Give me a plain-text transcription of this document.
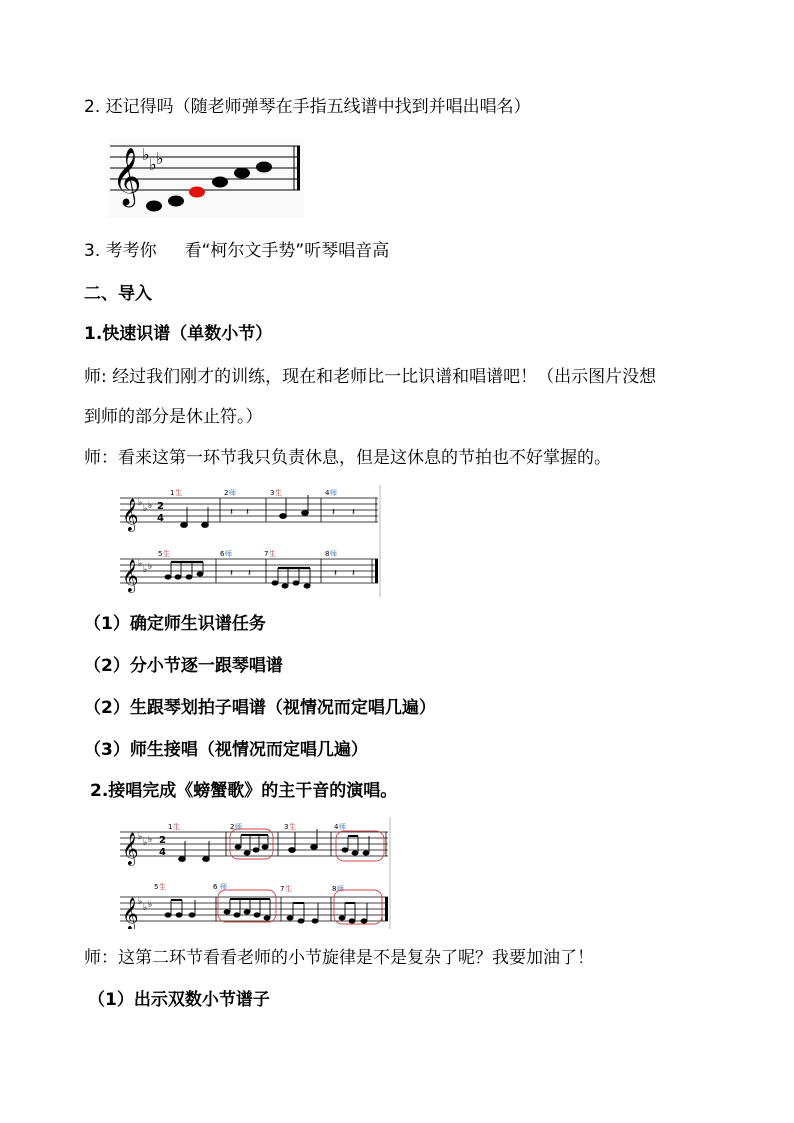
2. 还记得吗（随老师弹琴在手指五线谱中找到并唱出唱名）
𝄞 ♭
♭ ♭
3. 考考你 看“柯尔文手势”听琴唱音高
二、导入
1.快速识谱（单数小节）
师: 经过我们刚才的训练，现在和老师比一比识谱和唱谱吧！（出示图片没想
到师的部分是休止符。）
师：看来这第一环节我只负责休息，但是这休息的节拍也不好掌握的。
𝄞
𝄞
♭
♭ ♭
♭
♭ ♭
2
4
1 生	2 师	3 生	4 师
5 生	6 师	7 生	8 师
𝄽 𝄽	𝄽 𝄽
𝄽 𝄽	𝄽 𝄽
（1）确定师生识谱任务
（2）分小节逐一跟琴唱谱
（2）生跟琴划拍子唱谱（视情况而定唱几遍）
（3）师生接唱（视情况而定唱几遍）
2.接唱完成《螃蟹歌》的主干音的演唱。
𝄞
𝄞
♭
♭ ♭
♭
♭ ♭
2
4
1 生	2 师	3 生	4 师
5 生	6 师	7 生	8 师
师：这第二环节看看老师的小节旋律是不是复杂了呢？我要加油了！
（1）出示双数小节谱子
